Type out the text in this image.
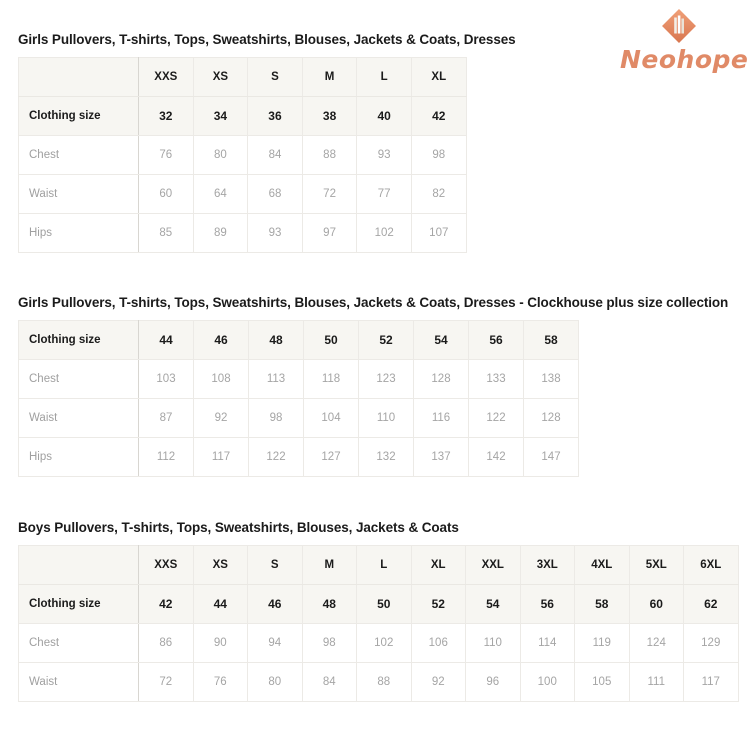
Neohope
Girls Pullovers, T-shirts, Tops, Sweatshirts, Blouses, Jackets & Coats, Dresses
	XXS	XS	S	M	L	XL
Clothing size	32	34	36	38	40	42
Chest	76	80	84	88	93	98
Waist	60	64	68	72	77	82
Hips	85	89	93	97	102	107
Girls Pullovers, T-shirts, Tops, Sweatshirts, Blouses, Jackets & Coats, Dresses - Clockhouse plus size collection
Clothing size	44	46	48	50	52	54	56	58
Chest	103	108	113	118	123	128	133	138
Waist	87	92	98	104	110	116	122	128
Hips	112	117	122	127	132	137	142	147
Boys Pullovers, T-shirts, Tops, Sweatshirts, Blouses, Jackets & Coats
	XXS	XS	S	M	L	XL	XXL	3XL	4XL	5XL	6XL
Clothing size	42	44	46	48	50	52	54	56	58	60	62
Chest	86	90	94	98	102	106	110	114	119	124	129
Waist	72	76	80	84	88	92	96	100	105	111	117
